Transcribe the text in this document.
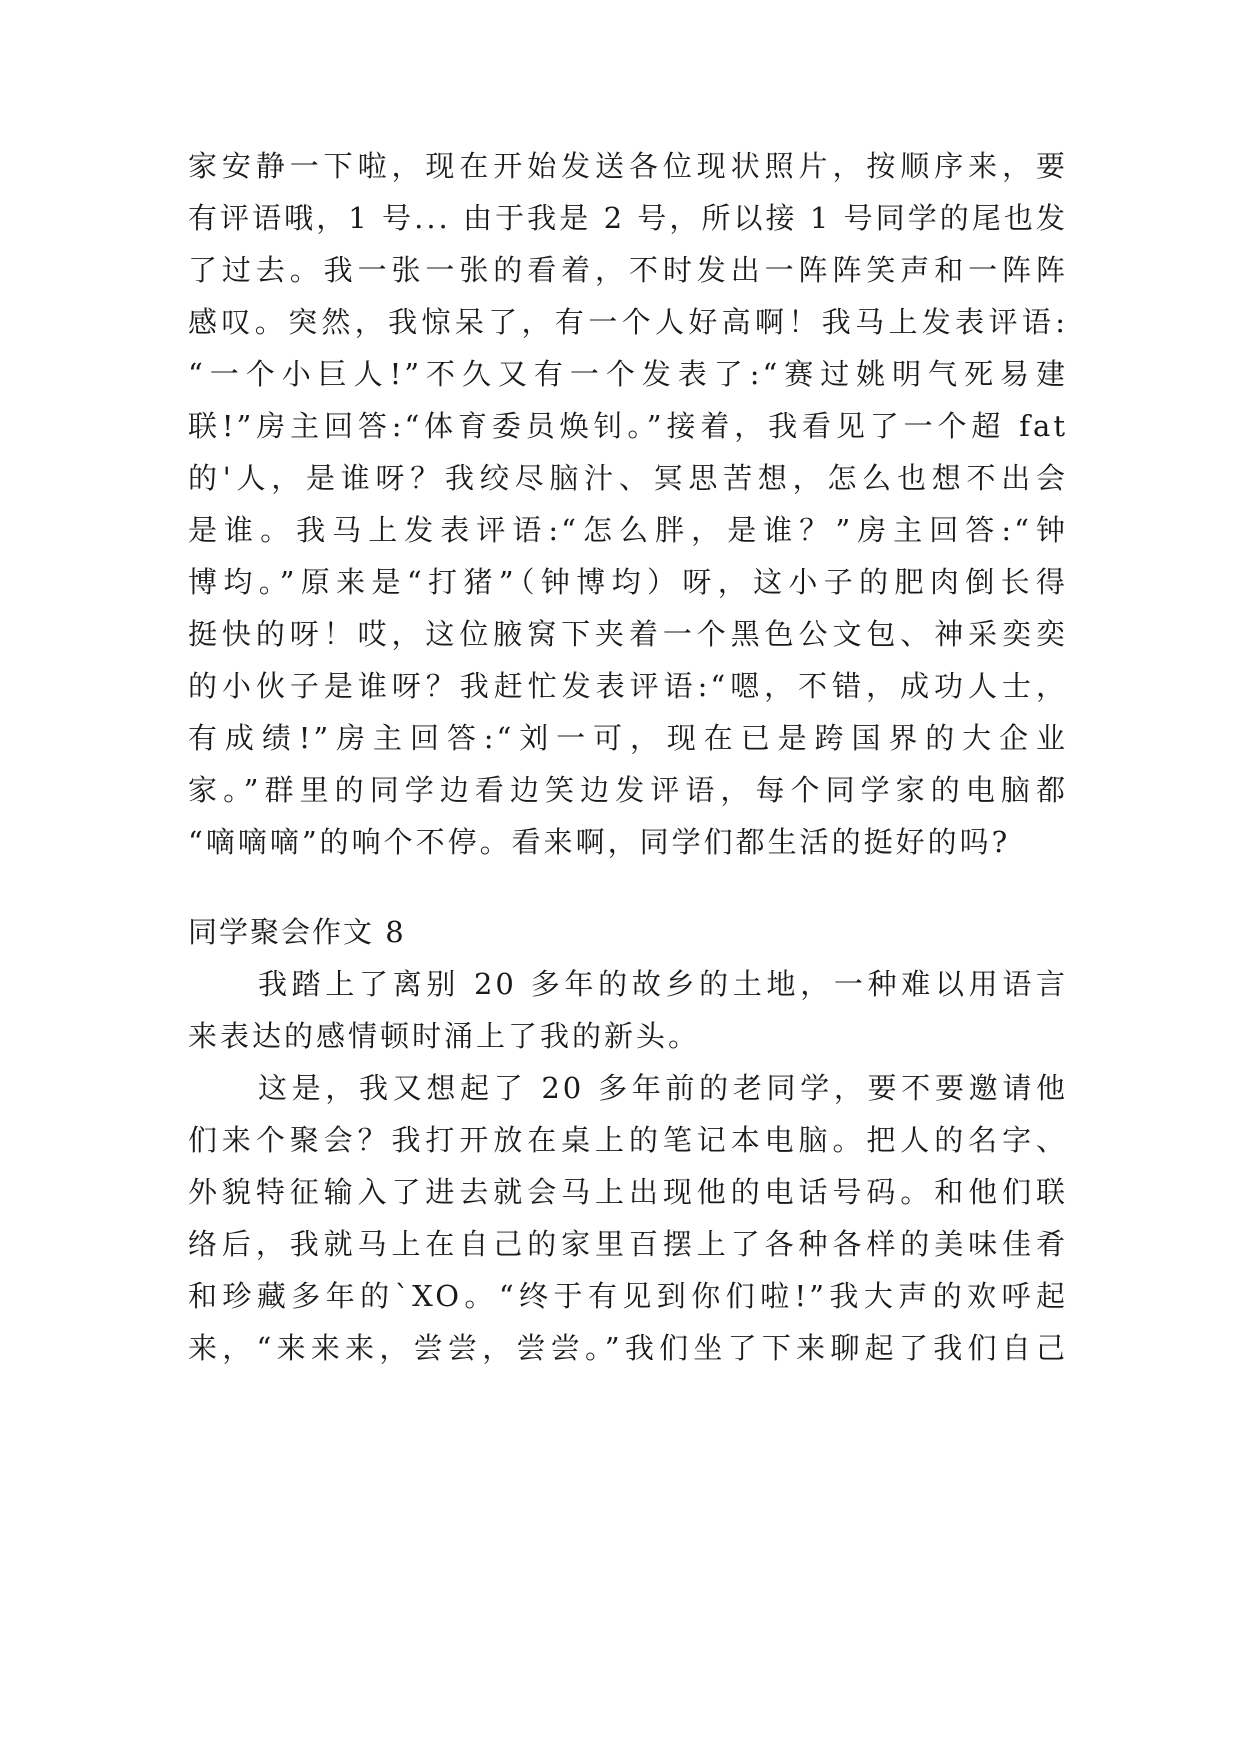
家安静一下啦，现在开始发送各位现状照片，按顺序来，要
有评语哦，1 号... 由于我是 2 号，所以接 1 号同学的尾也发
了过去。我一张一张的看着，不时发出一阵阵笑声和一阵阵
感叹。突然，我惊呆了，有一个人好高啊！我马上发表评语:
“一个小巨人!”不久又有一个发表了:“赛过姚明气死易建
联!”房主回答:“体育委员焕钊。”接着，我看见了一个超 fat
的'人，是谁呀？我绞尽脑汁、冥思苦想，怎么也想不出会
是谁。我马上发表评语:“怎么胖，是谁？”房主回答:“钟
博均。”原来是“打猪”（钟博均）呀，这小子的肥肉倒长得
挺快的呀！哎，这位腋窝下夹着一个黑色公文包、神采奕奕
的小伙子是谁呀？我赶忙发表评语:“嗯，不错，成功人士，
有成绩!”房主回答:“刘一可，现在已是跨国界的大企业
家。”群里的同学边看边笑边发评语，每个同学家的电脑都
“嘀嘀嘀”的响个不停。看来啊，同学们都生活的挺好的吗?
同学聚会作文 8
我踏上了离别 20 多年的故乡的土地，一种难以用语言
来表达的感情顿时涌上了我的新头。
这是，我又想起了 20 多年前的老同学，要不要邀请他
们来个聚会？我打开放在桌上的笔记本电脑。把人的名字、
外貌特征输入了进去就会马上出现他的电话号码。和他们联
络后，我就马上在自己的家里百摆上了各种各样的美味佳肴
和珍藏多年的`XO。“终于有见到你们啦!”我大声的欢呼起
来，“来来来，尝尝，尝尝。”我们坐了下来聊起了我们自己
